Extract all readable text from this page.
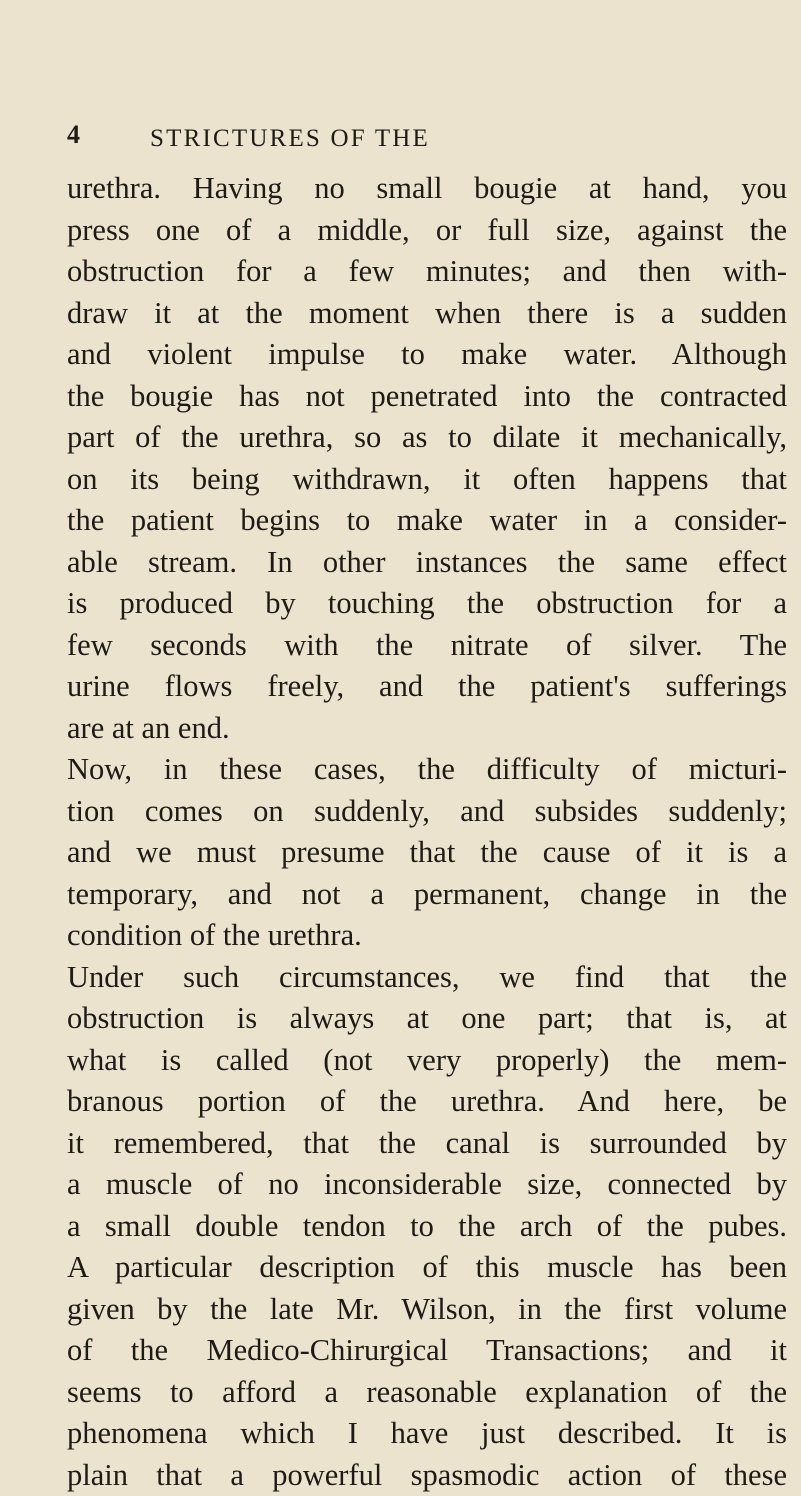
4	STRICTURES OF THE
urethra. Having no small bougie at hand, you
press one of a middle, or full size, against the
obstruction for a few minutes; and then with-
draw it at the moment when there is a sudden
and violent impulse to make water. Although
the bougie has not penetrated into the contracted
part of the urethra, so as to dilate it mechanically,
on its being withdrawn, it often happens that
the patient begins to make water in a consider-
able stream. In other instances the same effect
is produced by touching the obstruction for a
few seconds with the nitrate of silver. The
urine flows freely, and the patient's sufferings
are at an end.
Now, in these cases, the difficulty of micturi-
tion comes on suddenly, and subsides suddenly;
and we must presume that the cause of it is a
temporary, and not a permanent, change in the
condition of the urethra.
Under such circumstances, we find that the
obstruction is always at one part; that is, at
what is called (not very properly) the mem-
branous portion of the urethra. And here, be
it remembered, that the canal is surrounded by
a muscle of no inconsiderable size, connected by
a small double tendon to the arch of the pubes.
A particular description of this muscle has been
given by the late Mr. Wilson, in the first volume
of the Medico-Chirurgical Transactions; and it
seems to afford a reasonable explanation of the
phenomena which I have just described. It is
plain that a powerful spasmodic action of these
